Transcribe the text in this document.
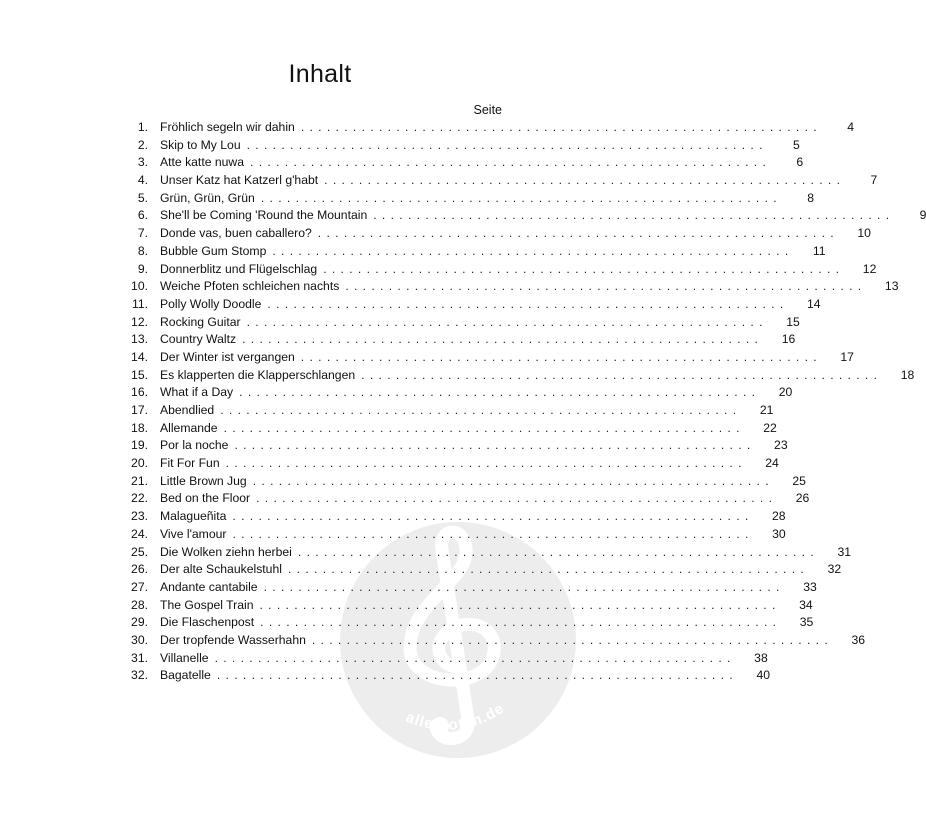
alle-noten.de
Inhalt
Seite
1. Fröhlich segeln wir dahin ............................................................	4
2. Skip to My Lou ............................................................	5
3. Atte katte nuwa ............................................................	6
4. Unser Katz hat Katzerl g'habt ............................................................	7
5. Grün, Grün, Grün ............................................................	8
6. She'll be Coming 'Round the Mountain ............................................................	9
7. Donde vas, buen caballero? ............................................................	10
8. Bubble Gum Stomp ............................................................	11
9. Donnerblitz und Flügelschlag ............................................................	12
10. Weiche Pfoten schleichen nachts ............................................................	13
11. Polly Wolly Doodle ............................................................	14
12. Rocking Guitar ............................................................	15
13. Country Waltz ............................................................	16
14. Der Winter ist vergangen ............................................................	17
15. Es klapperten die Klapperschlangen ............................................................	18
16. What if a Day ............................................................	20
17. Abendlied ............................................................	21
18. Allemande ............................................................	22
19. Por la noche ............................................................	23
20. Fit For Fun ............................................................	24
21. Little Brown Jug ............................................................	25
22. Bed on the Floor ............................................................	26
23. Malagueñita ............................................................	28
24. Vive l'amour ............................................................	30
25. Die Wolken ziehn herbei ............................................................	31
26. Der alte Schaukelstuhl ............................................................	32
27. Andante cantabile ............................................................	33
28. The Gospel Train ............................................................	34
29. Die Flaschenpost ............................................................	35
30. Der tropfende Wasserhahn ............................................................	36
31. Villanelle ............................................................	38
32. Bagatelle ............................................................	40
